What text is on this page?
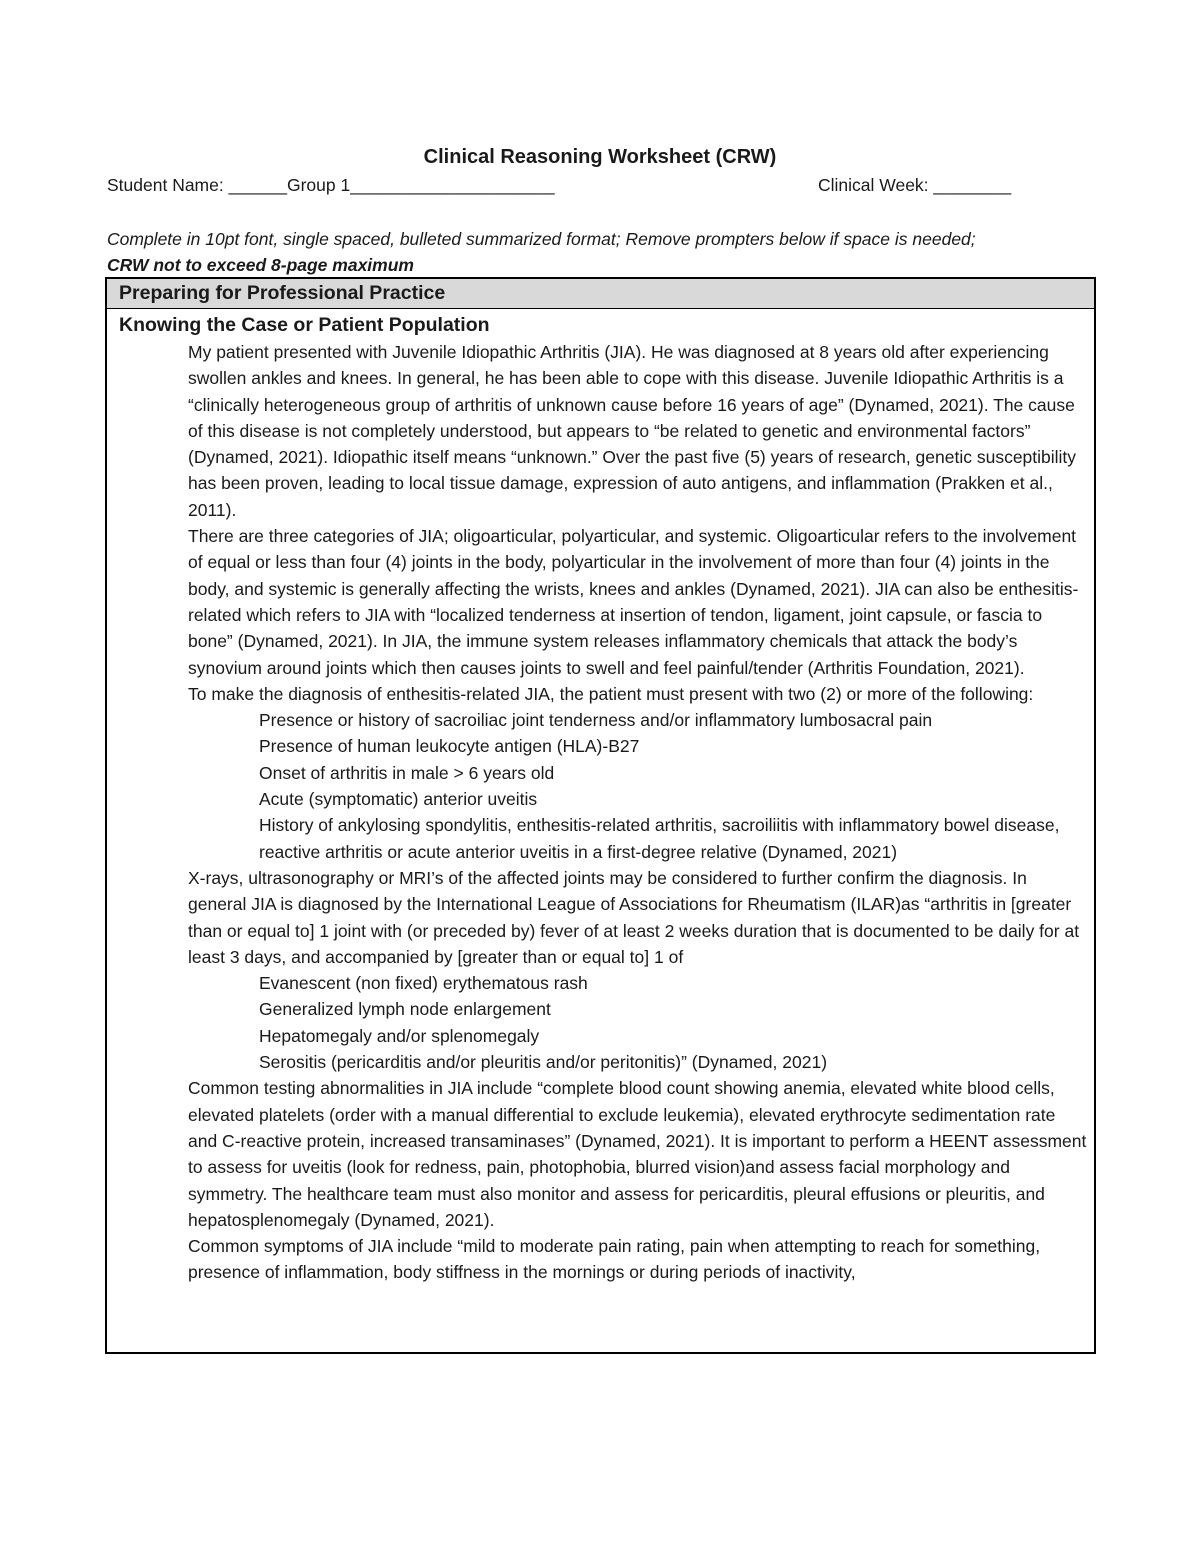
Clinical Reasoning Worksheet (CRW)
Student Name: ______Group 1_____________________	Clinical Week: ________
Complete in 10pt font, single spaced, bulleted summarized format; Remove prompters below if space is needed;
CRW not to exceed 8-page maximum
Preparing for Professional Practice
Knowing the Case or Patient Population

My patient presented with Juvenile Idiopathic Arthritis (JIA). He was diagnosed at 8 years old after experiencing swollen ankles and knees. In general, he has been able to cope with this disease. Juvenile Idiopathic Arthritis is a “clinically heterogeneous group of arthritis of unknown cause before 16 years of age” (Dynamed, 2021). The cause of this disease is not completely understood, but appears to “be related to genetic and environmental factors” (Dynamed, 2021). Idiopathic itself means “unknown.” Over the past five (5) years of research, genetic susceptibility has been proven, leading to local tissue damage, expression of auto antigens, and inflammation (Prakken et al., 2011).

There are three categories of JIA; oligoarticular, polyarticular, and systemic. Oligoarticular refers to the involvement of equal or less than four (4) joints in the body, polyarticular in the involvement of more than four (4) joints in the body, and systemic is generally affecting the wrists, knees and ankles (Dynamed, 2021). JIA can also be enthesitis-related which refers to JIA with “localized tenderness at insertion of tendon, ligament, joint capsule, or fascia to bone” (Dynamed, 2021). In JIA, the immune system releases inflammatory chemicals that attack the body’s synovium around joints which then causes joints to swell and feel painful/tender (Arthritis Foundation, 2021).

To make the diagnosis of enthesitis-related JIA, the patient must present with two (2) or more of the following:

Presence or history of sacroiliac joint tenderness and/or inflammatory lumbosacral pain
Presence of human leukocyte antigen (HLA)-B27
Onset of arthritis in male > 6 years old
Acute (symptomatic) anterior uveitis
History of ankylosing spondylitis, enthesitis-related arthritis, sacroiliitis with inflammatory bowel disease, reactive arthritis or acute anterior uveitis in a first-degree relative (Dynamed, 2021)

X-rays, ultrasonography or MRI’s of the affected joints may be considered to further confirm the diagnosis. In general JIA is diagnosed by the International League of Associations for Rheumatism (ILAR)as “arthritis in [greater than or equal to] 1 joint with (or preceded by) fever of at least 2 weeks duration that is documented to be daily for at least 3 days, and accompanied by [greater than or equal to] 1 of

Evanescent (non fixed) erythematous rash
Generalized lymph node enlargement
Hepatomegaly and/or splenomegaly
Serositis (pericarditis and/or pleuritis and/or peritonitis)” (Dynamed, 2021)

Common testing abnormalities in JIA include “complete blood count showing anemia, elevated white blood cells, elevated platelets (order with a manual differential to exclude leukemia), elevated erythrocyte sedimentation rate and C-reactive protein, increased transaminases” (Dynamed, 2021). It is important to perform a HEENT assessment to assess for uveitis (look for redness, pain, photophobia, blurred vision)and assess facial morphology and symmetry. The healthcare team must also monitor and assess for pericarditis, pleural effusions or pleuritis, and hepatosplenomegaly (Dynamed, 2021).

Common symptoms of JIA include “mild to moderate pain rating, pain when attempting to reach for something, presence of inflammation, body stiffness in the mornings or during periods of inactivity,
